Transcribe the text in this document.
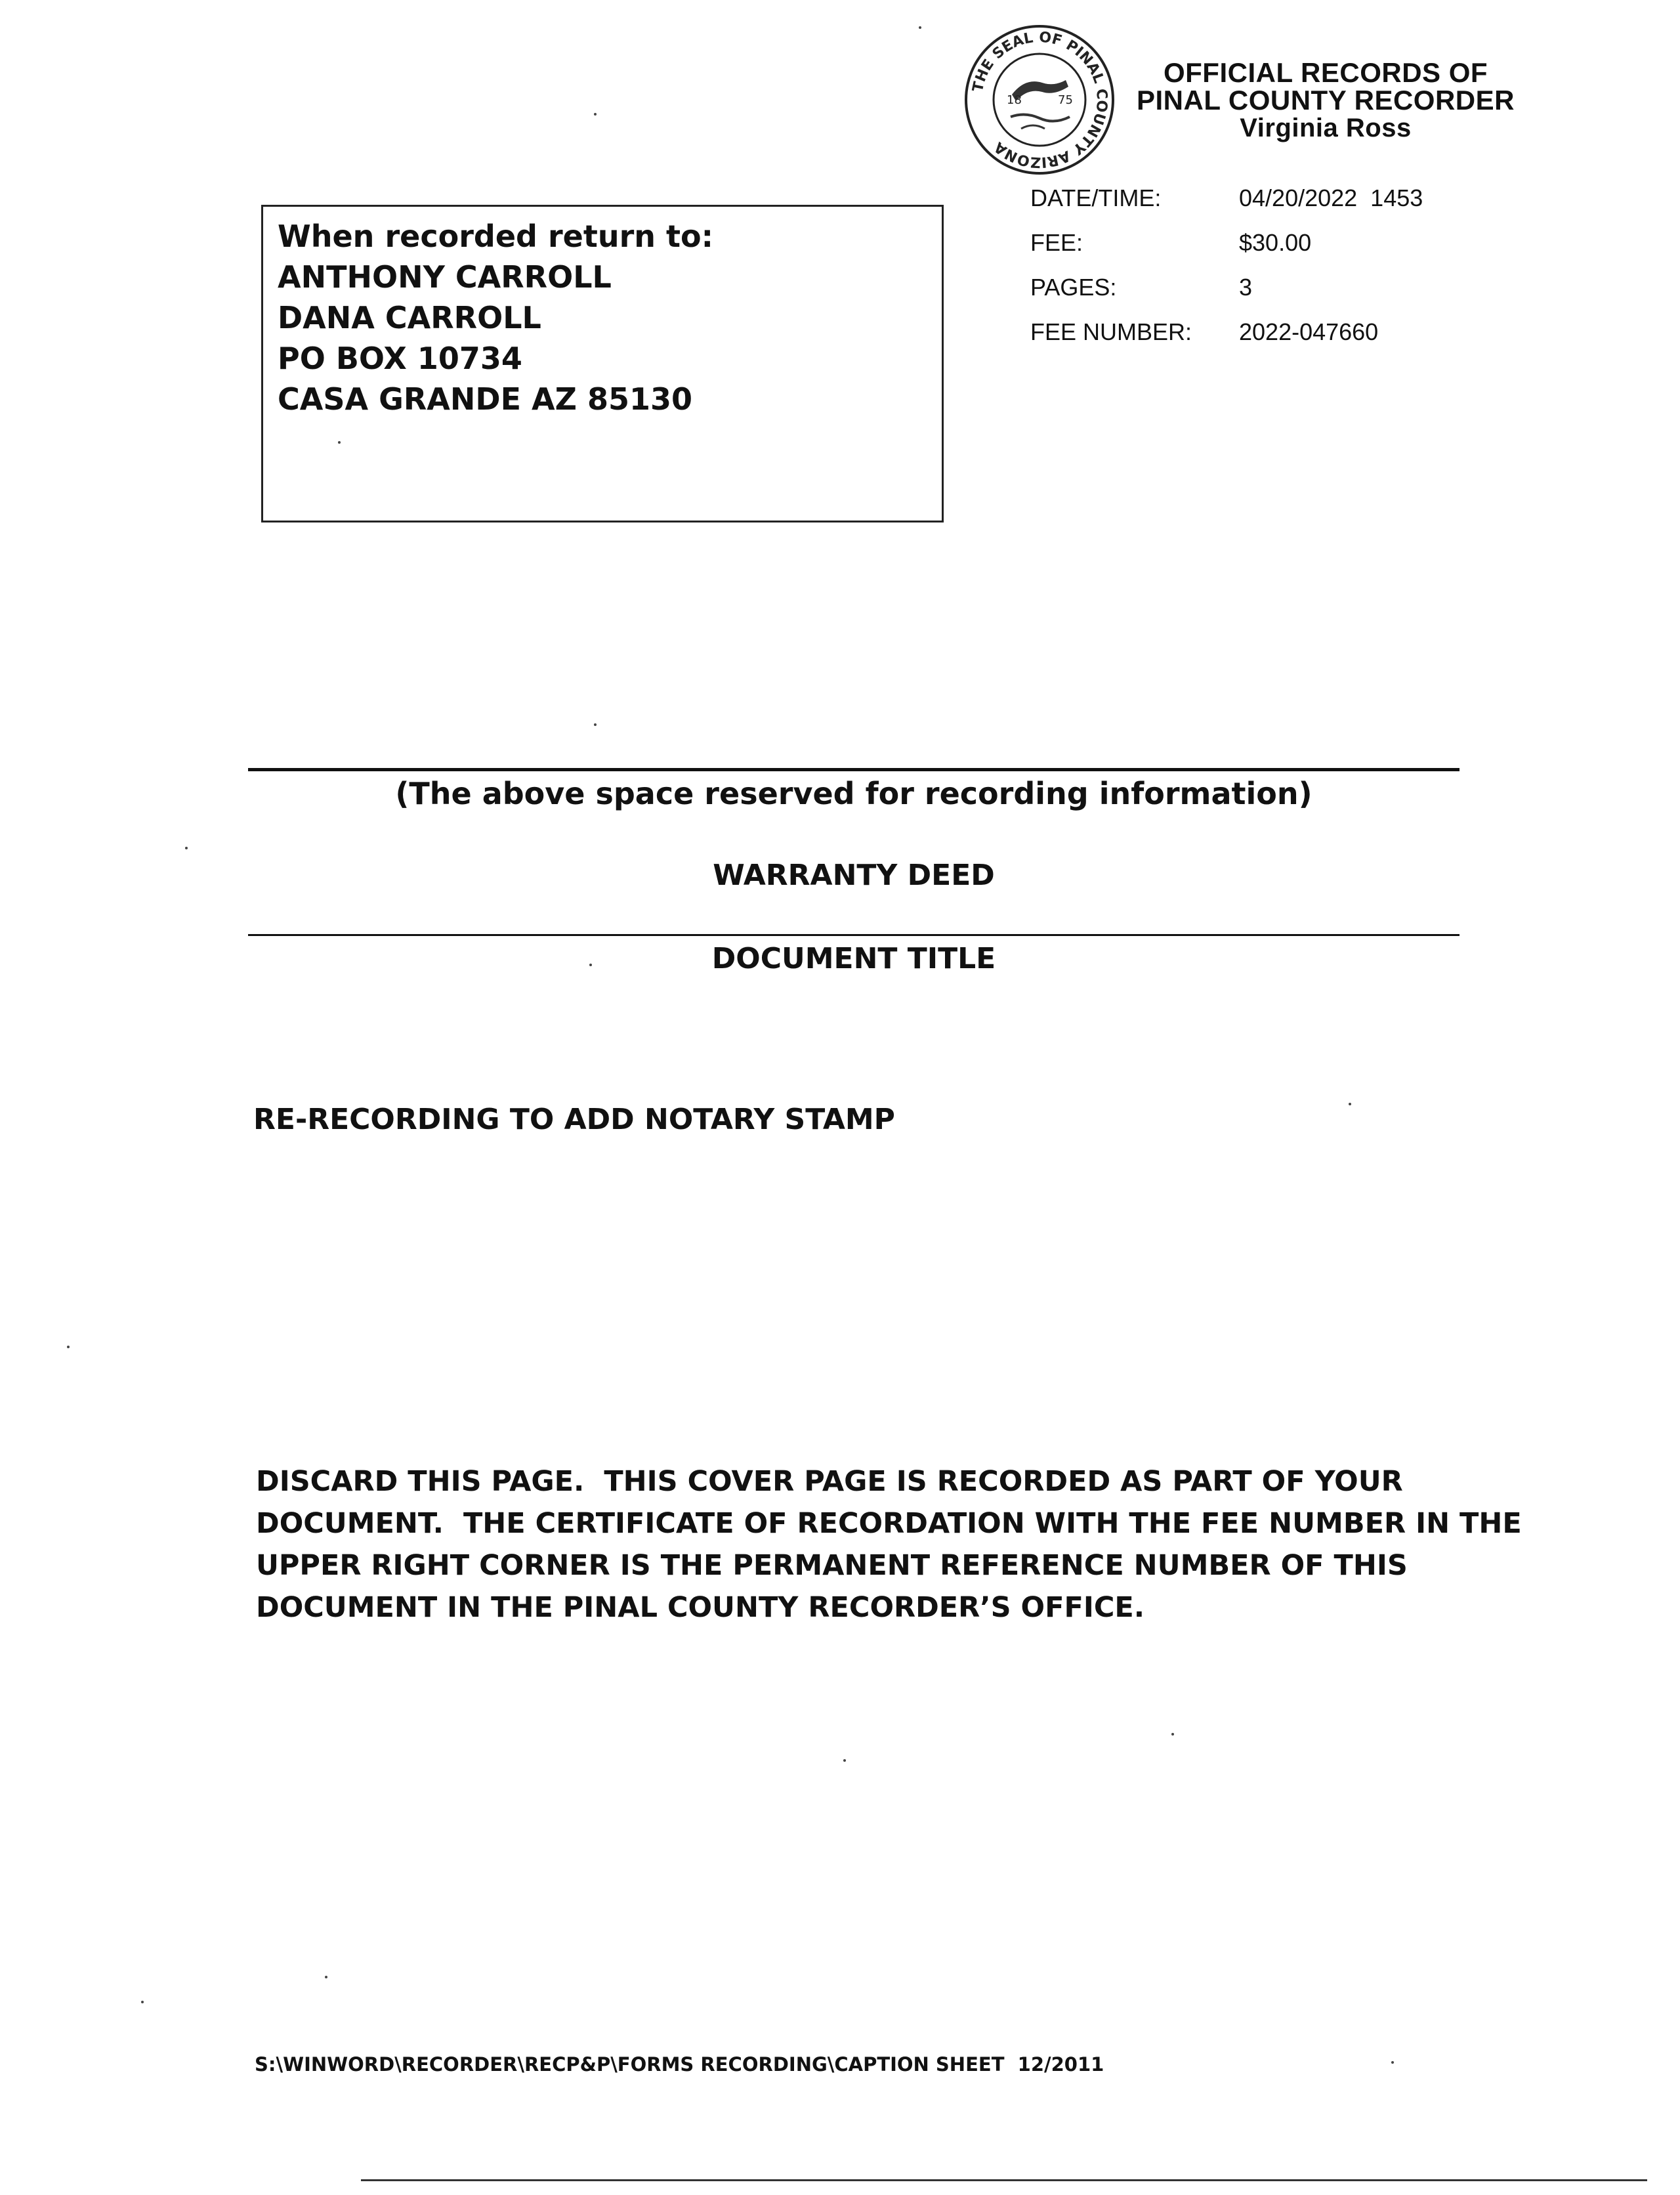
THE SEAL OF PINAL COUNTY ARIZONA
18	75
OFFICIAL RECORDS OF
PINAL COUNTY RECORDER
Virginia Ross
DATE/TIME:	04/20/2022  1453
FEE:	$30.00
PAGES:	3
FEE NUMBER:	2022-047660
When recorded return to:
ANTHONY CARROLL
DANA CARROLL
PO BOX 10734
CASA GRANDE AZ 85130
(The above space reserved for recording information)
WARRANTY DEED
DOCUMENT TITLE
RE-RECORDING TO ADD NOTARY STAMP
DISCARD THIS PAGE.  THIS COVER PAGE IS RECORDED AS PART OF YOUR
DOCUMENT.  THE CERTIFICATE OF RECORDATION WITH THE FEE NUMBER IN THE
UPPER RIGHT CORNER IS THE PERMANENT REFERENCE NUMBER OF THIS
DOCUMENT IN THE PINAL COUNTY RECORDER’S OFFICE.
S:\WINWORD\RECORDER\RECP&P\FORMS RECORDING\CAPTION SHEET  12/2011
